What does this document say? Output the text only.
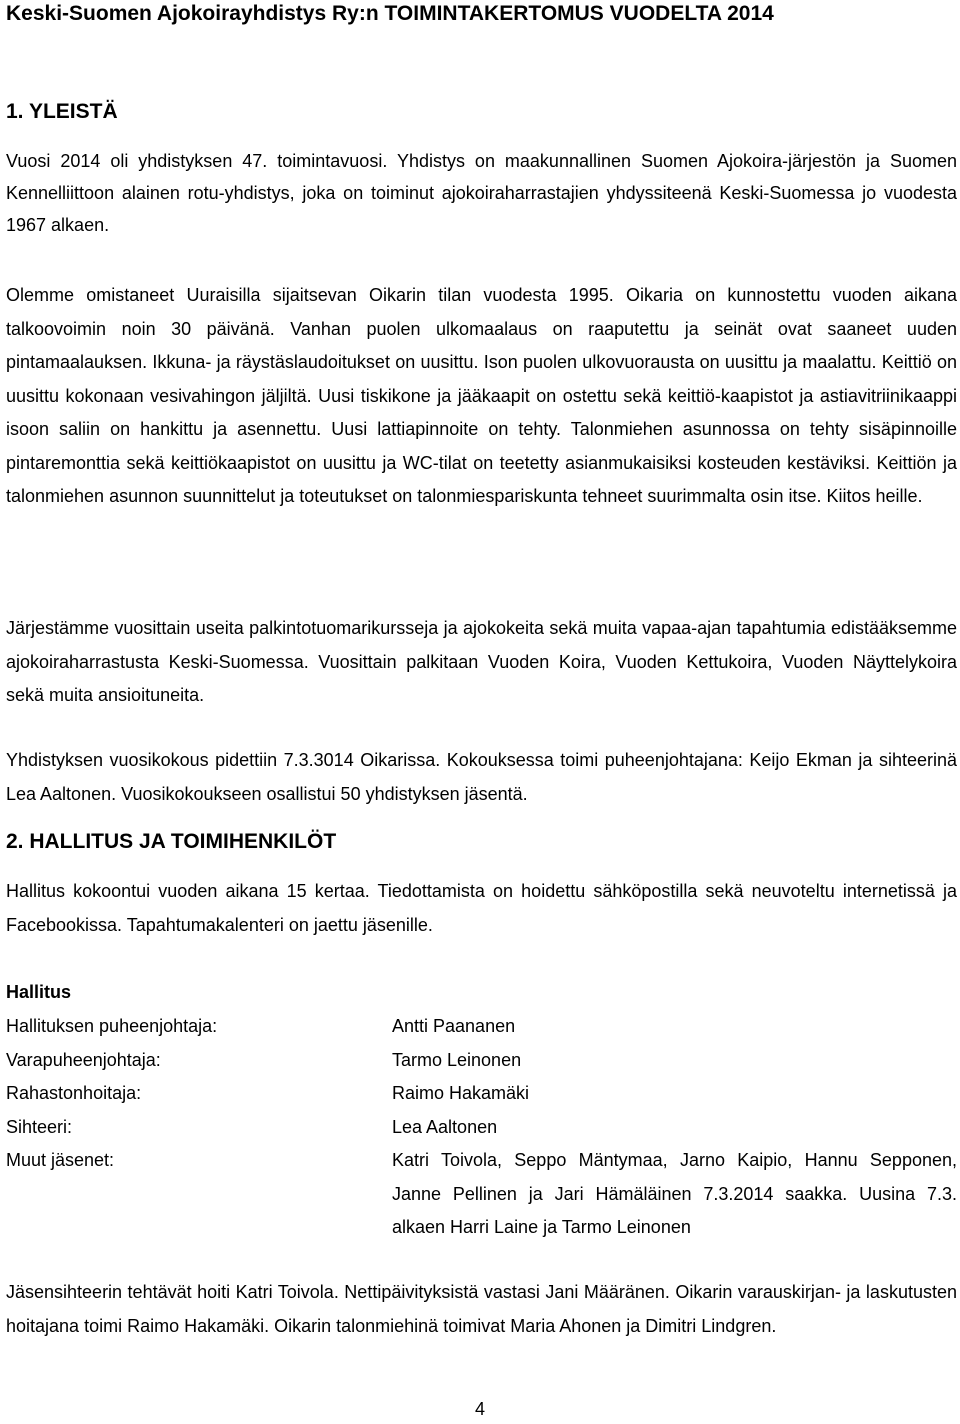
Keski-Suomen Ajokoirayhdistys Ry:n TOIMINTAKERTOMUS VUODELTA 2014
1. YLEISTÄ

Vuosi 2014 oli yhdistyksen 47. toimintavuosi. Yhdistys on maakunnallinen Suomen Ajokoira-järjestön ja Suomen Kennelliittoon alainen rotu-yhdistys, joka on toiminut ajokoiraharrastajien yhdyssiteenä Keski-Suomessa jo vuodesta 1967 alkaen.

Olemme omistaneet Uuraisilla sijaitsevan Oikarin tilan vuodesta 1995. Oikaria on kunnostettu vuoden aikana talkoovoimin noin 30 päivänä. Vanhan puolen ulkomaalaus on raaputettu ja seinät ovat saaneet uuden pintamaalauksen. Ikkuna- ja räystäslaudoitukset on uusittu. Ison puolen ulkovuorausta on uusittu ja maalattu. Keittiö on uusittu kokonaan vesivahingon jäljiltä. Uusi tiskikone ja jääkaapit on ostettu sekä keittiö-kaapistot ja astiavitriinikaappi isoon saliin on hankittu ja asennettu. Uusi lattiapinnoite on tehty. Talonmiehen asunnossa on tehty sisäpinnoille pintaremonttia sekä keittiökaapistot on uusittu ja WC-tilat on teetetty asianmukaisiksi kosteuden kestäviksi. Keittiön ja talonmiehen asunnon suunnittelut ja toteutukset on talonmiespariskunta tehneet suurimmalta osin itse. Kiitos heille.

Järjestämme vuosittain useita palkintotuomarikursseja ja ajokokeita sekä muita vapaa-ajan tapahtumia edistääksemme ajokoiraharrastusta Keski-Suomessa. Vuosittain palkitaan Vuoden Koira, Vuoden Kettukoira, Vuoden Näyttelykoira sekä muita ansioituneita.

Yhdistyksen vuosikokous pidettiin 7.3.3014 Oikarissa. Kokouksessa toimi puheenjohtajana: Keijo Ekman ja sihteerinä Lea Aaltonen. Vuosikokoukseen osallistui 50 yhdistyksen jäsentä.

2. HALLITUS JA TOIMIHENKILÖT

Hallitus kokoontui vuoden aikana 15 kertaa. Tiedottamista on hoidettu sähköpostilla sekä neuvoteltu internetissä ja Facebookissa. Tapahtumakalenteri on jaettu jäsenille.

Hallitus
Hallituksen puheenjohtaja:	Antti Paananen
Varapuheenjohtaja:	Tarmo Leinonen
Rahastonhoitaja:	Raimo Hakamäki
Sihteeri:	Lea Aaltonen
Muut jäsenet:	Katri Toivola, Seppo Mäntymaa, Jarno Kaipio, Hannu Sepponen, Janne Pellinen ja Jari Hämäläinen 7.3.2014 saakka. Uusina 7.3. alkaen Harri Laine ja Tarmo Leinonen

Jäsensihteerin tehtävät hoiti Katri Toivola. Nettipäivityksistä vastasi Jani Määränen. Oikarin varauskirjan- ja laskutusten hoitajana toimi Raimo Hakamäki. Oikarin talonmiehinä toimivat Maria Ahonen ja Dimitri Lindgren.

4
